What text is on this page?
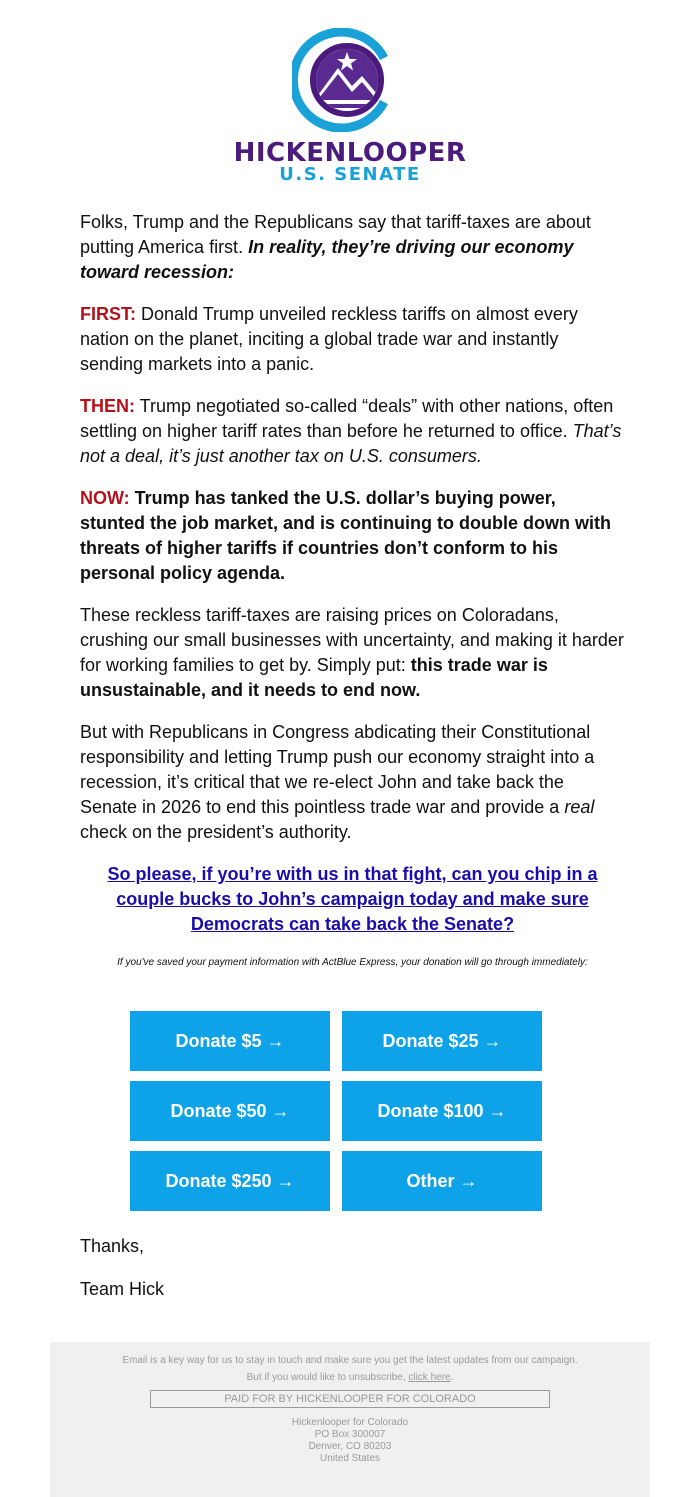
HICKENLOOPER
U.S. SENATE

Folks, Trump and the Republicans say that tariff-taxes are about putting America first. In reality, they’re driving our economy toward recession:

FIRST: Donald Trump unveiled reckless tariffs on almost every nation on the planet, inciting a global trade war and instantly sending markets into a panic.

THEN: Trump negotiated so-called “deals” with other nations, often settling on higher tariff rates than before he returned to office. That’s not a deal, it’s just another tax on U.S. consumers.

NOW: Trump has tanked the U.S. dollar’s buying power, stunted the job market, and is continuing to double down with threats of higher tariffs if countries don’t conform to his personal policy agenda.

These reckless tariff-taxes are raising prices on Coloradans, crushing our small businesses with uncertainty, and making it harder for working families to get by. Simply put: this trade war is unsustainable, and it needs to end now.

But with Republicans in Congress abdicating their Constitutional responsibility and letting Trump push our economy straight into a recession, it’s critical that we re-elect John and take back the Senate in 2026 to end this pointless trade war and provide a real check on the president’s authority.

So please, if you’re with us in that fight, can you chip in a couple bucks to John’s campaign today and make sure Democrats can take back the Senate?
If you've saved your payment information with ActBlue Express, your donation will go through immediately:
Donate $5 →	Donate $25 →
Donate $50 →	Donate $100 →
Donate $250 →	Other →
Thanks,
Team Hick
Email is a key way for us to stay in touch and make sure you get the latest updates from our campaign.
But if you would like to unsubscribe, click here.
PAID FOR BY HICKENLOOPER FOR COLORADO
Hickenlooper for Colorado
PO Box 300007
Denver, CO 80203
United States
